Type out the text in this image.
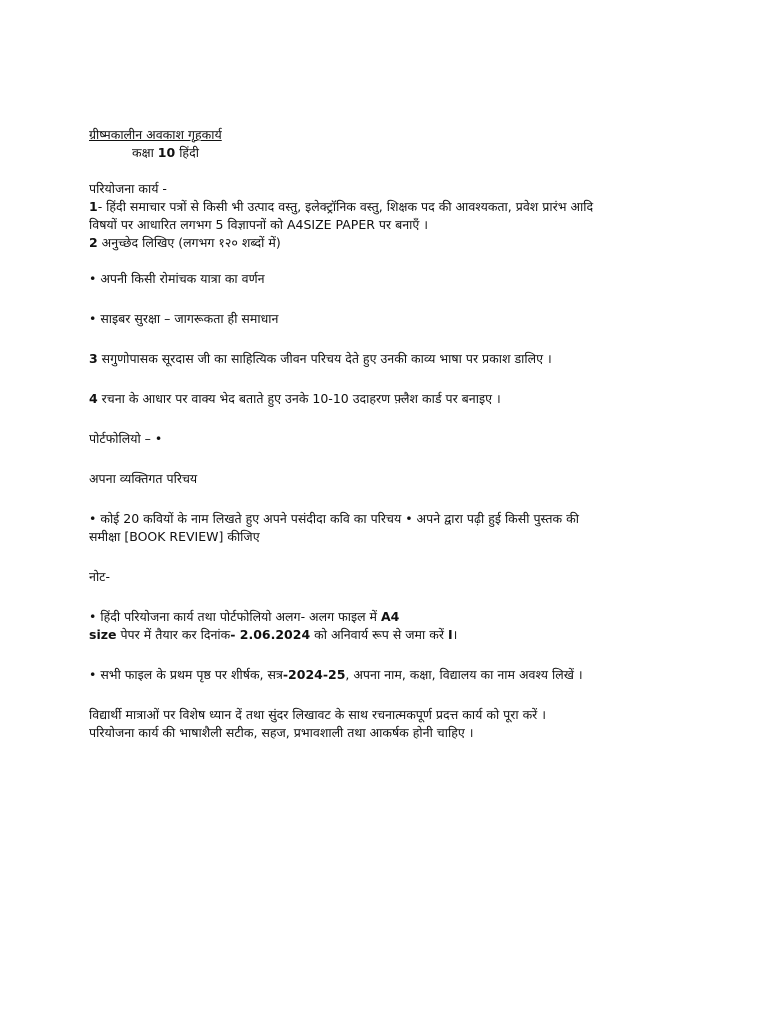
ग्रीष्मकालीन अवकाश गृहकार्य
कक्षा 10 हिंदी
परियोजना कार्य -
1- हिंदी समाचार पत्रों से किसी भी उत्पाद वस्तु, इलेक्ट्रॉनिक वस्तु, शिक्षक पद की आवश्यकता, प्रवेश प्रारंभ आदि
विषयों पर आधारित लगभग 5 विज्ञापनों को A4SIZE PAPER पर बनाएँ ।
2 अनुच्छेद लिखिए (लगभग १२० शब्दों में)
• अपनी किसी रोमांचक यात्रा का वर्णन
• साइबर सुरक्षा – जागरूकता ही समाधान
3 सगुणोपासक सूरदास जी का साहित्यिक जीवन परिचय देते हुए उनकी काव्य भाषा पर प्रकाश डालिए ।
4 रचना के आधार पर वाक्य भेद बताते हुए उनके 10-10 उदाहरण फ़्लैश कार्ड पर बनाइए ।
पोर्टफोलियो – •
अपना व्यक्तिगत परिचय
• कोई 20 कवियों के नाम लिखते हुए अपने पसंदीदा कवि का परिचय • अपने द्वारा पढ़ी हुई किसी पुस्तक की
समीक्षा [BOOK REVIEW] कीजिए
नोट-
• हिंदी परियोजना कार्य तथा पोर्टफोलियो अलग- अलग फाइल में A4
size पेपर में तैयार कर दिनांक- 2.06.2024 को अनिवार्य रूप से जमा करें I।
• सभी फाइल के प्रथम पृष्ठ पर शीर्षक, सत्र-2024-25, अपना नाम, कक्षा, विद्यालय का नाम अवश्य लिखें ।
विद्यार्थी मात्राओं पर विशेष ध्यान दें तथा सुंदर लिखावट के साथ रचनात्मकपूर्ण प्रदत्त कार्य को पूरा करें ।
परियोजना कार्य की भाषाशैली सटीक, सहज, प्रभावशाली तथा आकर्षक होनी चाहिए ।
